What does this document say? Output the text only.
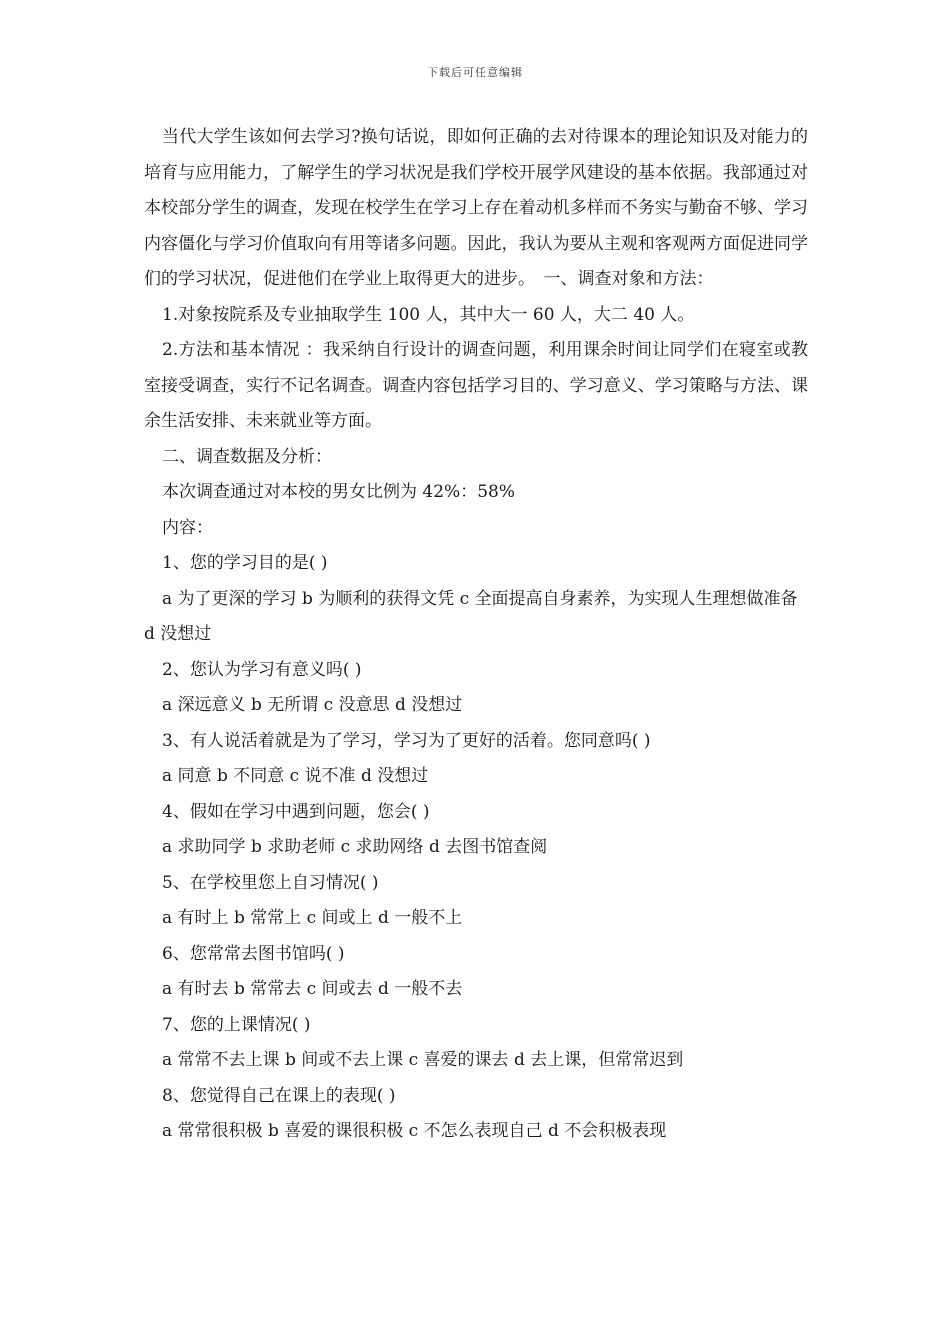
下载后可任意编辑

当代大学生该如何去学习?换句话说，即如何正确的去对待课本的理论知识及对能力的培育与应用能力，了解学生的学习状况是我们学校开展学风建设的基本依据。我部通过对本校部分学生的调查，发现在校学生在学习上存在着动机多样而不务实与勤奋不够、学习内容僵化与学习价值取向有用等诸多问题。因此，我认为要从主观和客观两方面促进同学们的学习状况，促进他们在学业上取得更大的进步。　一、调查对象和方法：

1.对象按院系及专业抽取学生 100 人，其中大一 60 人，大二 40 人。

2.方法和基本情况 ：我采纳自行设计的调查问题，利用课余时间让同学们在寝室或教室接受调查，实行不记名调查。调查内容包括学习目的、学习意义、学习策略与方法、课余生活安排、未来就业等方面。

二、调查数据及分析：

本次调查通过对本校的男女比例为 42%：58%

内容：

1、您的学习目的是( )

a 为了更深的学习 b 为顺利的获得文凭 c 全面提高自身素养，为实现人生理想做准备 d 没想过

2、您认为学习有意义吗( )

a 深远意义 b 无所谓 c 没意思 d 没想过

3、有人说活着就是为了学习，学习为了更好的活着。您同意吗( )

a 同意 b 不同意 c 说不准 d 没想过

4、假如在学习中遇到问题，您会( )

a 求助同学 b 求助老师 c 求助网络 d 去图书馆查阅

5、在学校里您上自习情况( )

a 有时上 b 常常上 c 间或上 d 一般不上

6、您常常去图书馆吗( )

a 有时去 b 常常去 c 间或去 d 一般不去

7、您的上课情况( )

a 常常不去上课 b 间或不去上课 c 喜爱的课去 d 去上课，但常常迟到

8、您觉得自己在课上的表现( )

a 常常很积极 b 喜爱的课很积极 c 不怎么表现自己 d 不会积极表现
